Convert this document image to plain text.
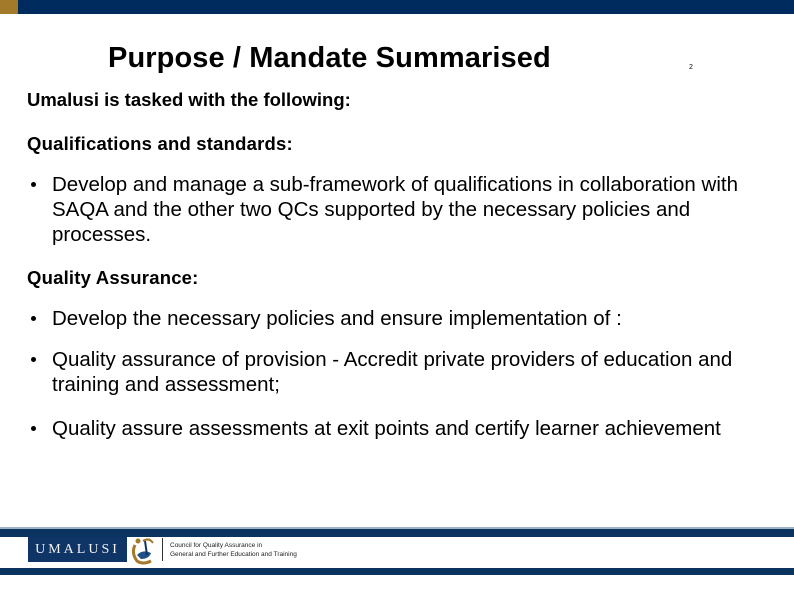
Purpose / Mandate Summarised	2
Umalusi is tasked with the following:
Qualifications and standards:
Develop and manage a sub-framework of qualifications in collaboration with SAQA and the other two QCs supported by the necessary policies and processes.
Quality Assurance:
Develop the necessary policies and ensure implementation of :
Quality assurance of provision - Accredit private providers of education and training and assessment;
Quality assure assessments at exit points and certify learner achievement
UMALUSI	Council for Quality Assurance in
General and Further Education and Training
